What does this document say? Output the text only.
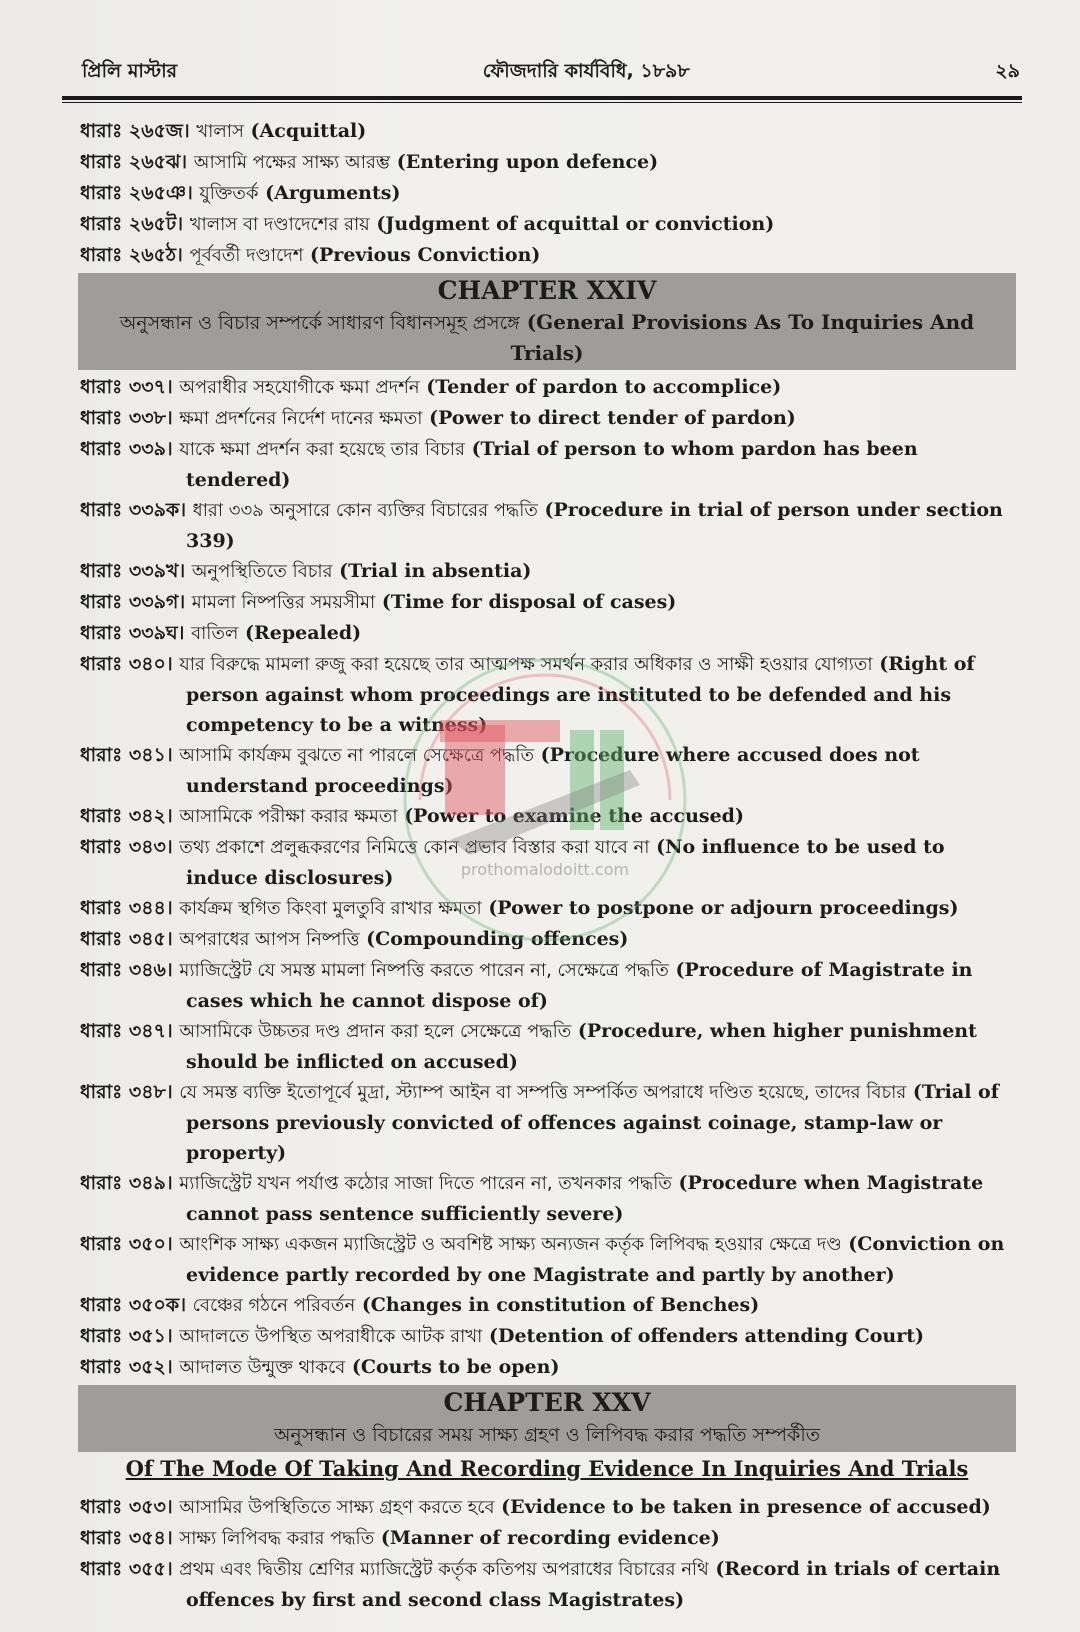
প্রিলি মাস্টার	ফৌজদারি কার্যবিধি, ১৮৯৮	২৯
ধারাঃ ২৬৫জ। খালাস (Acquittal)
ধারাঃ ২৬৫ঝ। আসামি পক্ষের সাক্ষ্য আরম্ভ (Entering upon defence)
ধারাঃ ২৬৫ঞ। যুক্তিতর্ক (Arguments)
ধারাঃ ২৬৫ট। খালাস বা দণ্ডাদেশের রায় (Judgment of acquittal or conviction)
ধারাঃ ২৬৫ঠ। পূর্ববর্তী দণ্ডাদেশ (Previous Conviction)
CHAPTER XXIV
অনুসন্ধান ও বিচার সম্পর্কে সাধারণ বিধানসমূহ প্রসঙ্গে (General Provisions As To Inquiries And Trials)
ধারাঃ ৩৩৭। অপরাধীর সহযোগীকে ক্ষমা প্রদর্শন (Tender of pardon to accomplice)
ধারাঃ ৩৩৮। ক্ষমা প্রদর্শনের নির্দেশ দানের ক্ষমতা (Power to direct tender of pardon)
ধারাঃ ৩৩৯। যাকে ক্ষমা প্রদর্শন করা হয়েছে তার বিচার (Trial of person to whom pardon has been tendered)
ধারাঃ ৩৩৯ক। ধারা ৩৩৯ অনুসারে কোন ব্যক্তির বিচারের পদ্ধতি (Procedure in trial of person under section 339)
ধারাঃ ৩৩৯খ। অনুপস্থিতিতে বিচার (Trial in absentia)
ধারাঃ ৩৩৯গ। মামলা নিষ্পত্তির সময়সীমা (Time for disposal of cases)
ধারাঃ ৩৩৯ঘ। বাতিল (Repealed)
ধারাঃ ৩৪০। যার বিরুদ্ধে মামলা রুজু করা হয়েছে তার আত্মপক্ষ সমর্থন করার অধিকার ও সাক্ষী হওয়ার যোগ্যতা (Right of person against whom proceedings are instituted to be defended and his competency to be a witness)
ধারাঃ ৩৪১। আসামি কার্যক্রম বুঝতে না পারলে সেক্ষেত্রে পদ্ধতি (Procedure where accused does not understand proceedings)
ধারাঃ ৩৪২। আসামিকে পরীক্ষা করার ক্ষমতা (Power to examine the accused)
ধারাঃ ৩৪৩। তথ্য প্রকাশে প্রলুব্ধকরণের নিমিত্তে কোন প্রভাব বিস্তার করা যাবে না (No influence to be used to induce disclosures)
ধারাঃ ৩৪৪। কার্যক্রম স্থগিত কিংবা মুলতুবি রাখার ক্ষমতা (Power to postpone or adjourn proceedings)
ধারাঃ ৩৪৫। অপরাধের আপস নিষ্পত্তি (Compounding offences)
ধারাঃ ৩৪৬। ম্যাজিস্ট্রেট যে সমস্ত মামলা নিষ্পত্তি করতে পারেন না, সেক্ষেত্রে পদ্ধতি (Procedure of Magistrate in cases which he cannot dispose of)
ধারাঃ ৩৪৭। আসামিকে উচ্চতর দণ্ড প্রদান করা হলে সেক্ষেত্রে পদ্ধতি (Procedure, when higher punishment should be inflicted on accused)
ধারাঃ ৩৪৮। যে সমস্ত ব্যক্তি ইতোপূর্বে মুদ্রা, স্ট্যাম্প আইন বা সম্পত্তি সম্পর্কিত অপরাধে দণ্ডিত হয়েছে, তাদের বিচার (Trial of persons previously convicted of offences against coinage, stamp-law or property)
ধারাঃ ৩৪৯। ম্যাজিস্ট্রেট যখন পর্যাপ্ত কঠোর সাজা দিতে পারেন না, তখনকার পদ্ধতি (Procedure when Magistrate cannot pass sentence sufficiently severe)
ধারাঃ ৩৫০। আংশিক সাক্ষ্য একজন ম্যাজিস্ট্রেট ও অবশিষ্ট সাক্ষ্য অন্যজন কর্তৃক লিপিবদ্ধ হওয়ার ক্ষেত্রে দণ্ড (Conviction on evidence partly recorded by one Magistrate and partly by another)
ধারাঃ ৩৫০ক। বেঞ্চের গঠনে পরিবর্তন (Changes in constitution of Benches)
ধারাঃ ৩৫১। আদালতে উপস্থিত অপরাধীকে আটক রাখা (Detention of offenders attending Court)
ধারাঃ ৩৫২। আদালত উন্মুক্ত থাকবে (Courts to be open)
CHAPTER XXV
অনুসন্ধান ও বিচারের সময় সাক্ষ্য গ্রহণ ও লিপিবদ্ধ করার পদ্ধতি সম্পর্কীত
Of The Mode Of Taking And Recording Evidence In Inquiries And Trials
ধারাঃ ৩৫৩। আসামির উপস্থিতিতে সাক্ষ্য গ্রহণ করতে হবে (Evidence to be taken in presence of accused)
ধারাঃ ৩৫৪। সাক্ষ্য লিপিবদ্ধ করার পদ্ধতি (Manner of recording evidence)
ধারাঃ ৩৫৫। প্রথম এবং দ্বিতীয় শ্রেণির ম্যাজিস্ট্রেট কর্তৃক কতিপয় অপরাধের বিচারের নথি (Record in trials of certain offences by first and second class Magistrates)
prothomalodoitt.com
